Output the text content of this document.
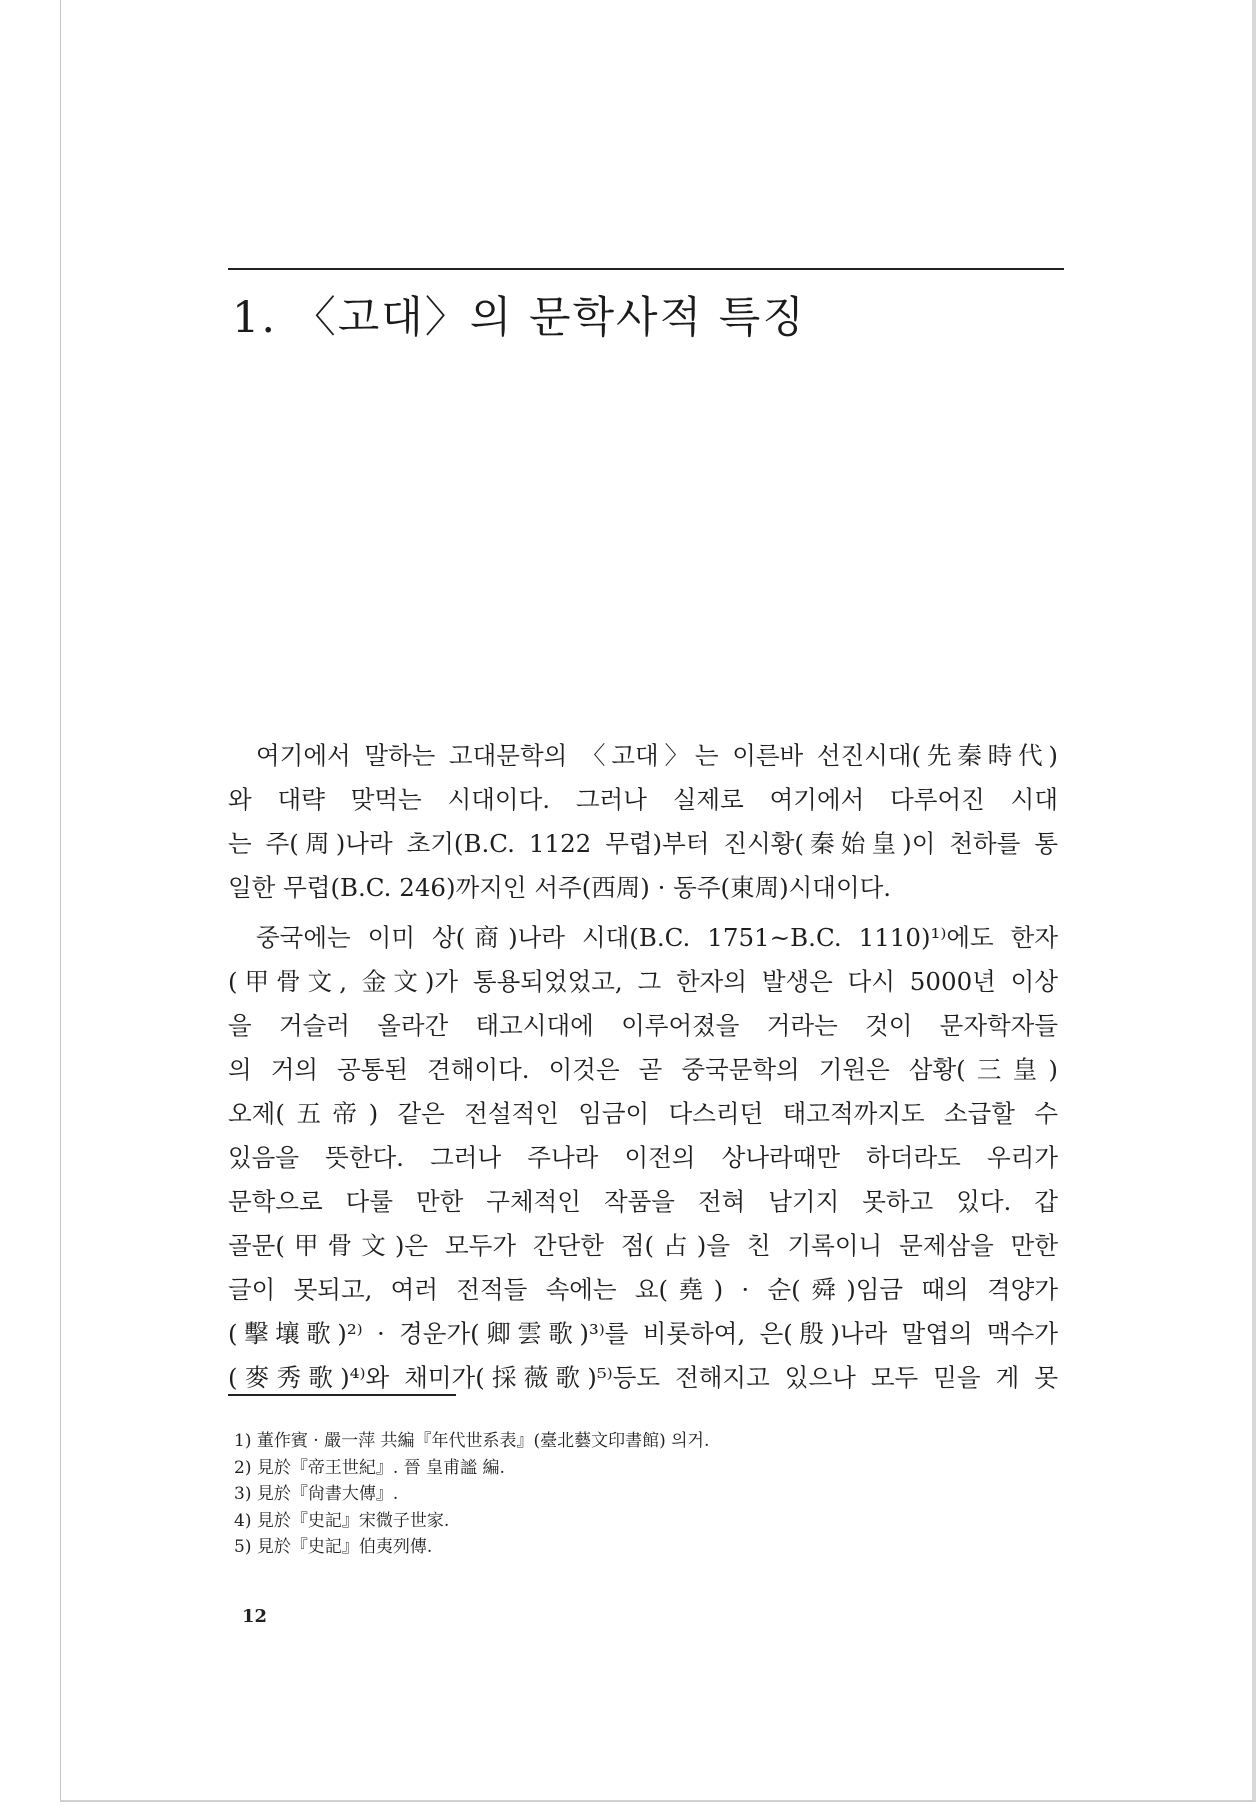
1. 〈고대〉의 문학사적 특징
여기에서 말하는 고대문학의 〈고대〉는 이른바 선진시대(先秦時代)
와 대략 맞먹는 시대이다. 그러나 실제로 여기에서 다루어진 시대
는 주(周)나라 초기(B.C. 1122 무렵)부터 진시황(秦始皇)이 천하를 통
일한 무렵(B.C. 246)까지인 서주(西周) · 동주(東周)시대이다.
중국에는 이미 상(商)나라 시대(B.C. 1751~B.C. 1110)¹⁾에도 한자
(甲骨文, 金文)가 통용되었었고, 그 한자의 발생은 다시 5000년 이상
을 거슬러 올라간 태고시대에 이루어졌을 거라는 것이 문자학자들
의 거의 공통된 견해이다. 이것은 곧 중국문학의 기원은 삼황(三皇)
오제(五帝) 같은 전설적인 임금이 다스리던 태고적까지도 소급할 수
있음을 뜻한다. 그러나 주나라 이전의 상나라때만 하더라도 우리가
문학으로 다룰 만한 구체적인 작품을 전혀 남기지 못하고 있다. 갑
골문(甲骨文)은 모두가 간단한 점(占)을 친 기록이니 문제삼을 만한
글이 못되고, 여러 전적들 속에는 요(堯) · 순(舜)임금 때의 격양가
(擊壤歌)²⁾ · 경운가(卿雲歌)³⁾를 비롯하여, 은(殷)나라 말엽의 맥수가
(麥秀歌)⁴⁾와 채미가(採薇歌)⁵⁾등도 전해지고 있으나 모두 믿을 게 못
1) 董作賓 · 嚴一萍 共編『年代世系表』(臺北藝文印書館) 의거.
2) 見於『帝王世紀』. 晉 皇甫謐 編.
3) 見於『尙書大傳』.
4) 見於『史記』宋微子世家.
5) 見於『史記』伯夷列傳.
12
